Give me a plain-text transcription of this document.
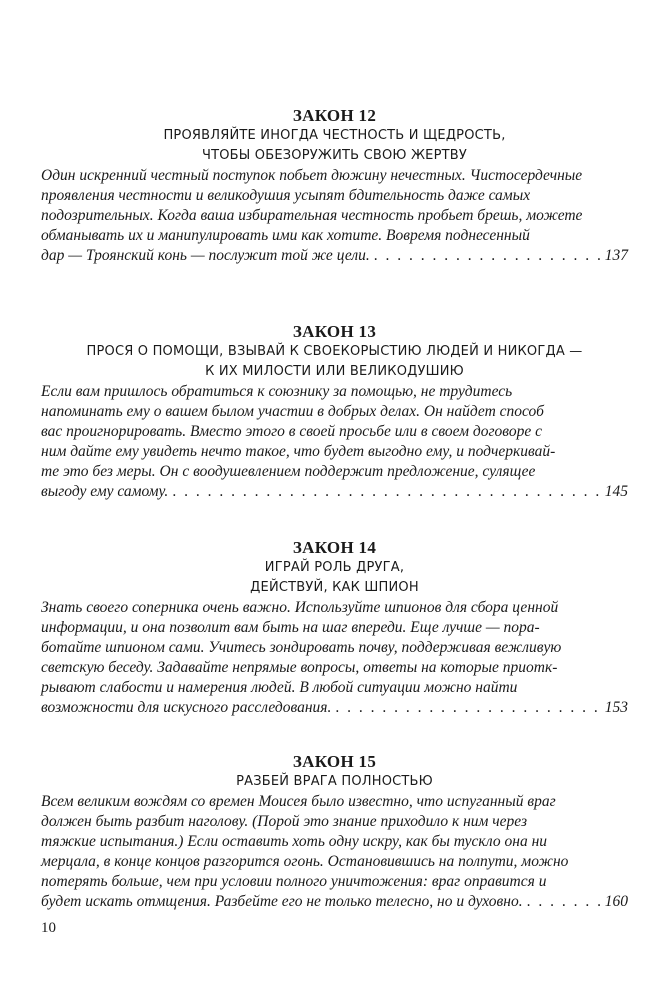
ЗАКОН 12
ПРОЯВЛЯЙТЕ ИНОГДА ЧЕСТНОСТЬ И ЩЕДРОСТЬ,
ЧТОБЫ ОБЕЗОРУЖИТЬ СВОЮ ЖЕРТВУ
Один искренний честный поступок побьет дюжину нечестных. Чистосердечные
проявления честности и великодушия усыпят бдительность даже самых
подозрительных. Когда ваша избирательная честность пробьет брешь, можете
обманывать их и манипулировать ими как хотите. Вовремя поднесенный
дар — Троянский конь — послужит той же цели. . . .	137
ЗАКОН 13
ПРОСЯ О ПОМОЩИ, ВЗЫВАЙ К СВОЕКОРЫСТИЮ ЛЮДЕЙ И НИКОГДА —
К ИХ МИЛОСТИ ИЛИ ВЕЛИКОДУШИЮ
Если вам пришлось обратиться к союзнику за помощью, не трудитесь
напоминать ему о вашем былом участии в добрых делах. Он найдет способ
вас проигнорировать. Вместо этого в своей просьбе или в своем договоре с
ним дайте ему увидеть нечто такое, что будет выгодно ему, и подчеркивай-
те это без меры. Он с воодушевлением поддержит предложение, сулящее
выгоду ему самому. . . .	145
ЗАКОН 14
ИГРАЙ РОЛЬ ДРУГА,
ДЕЙСТВУЙ, КАК ШПИОН
Знать своего соперника очень важно. Используйте шпионов для сбора ценной
информации, и она позволит вам быть на шаг впереди. Еще лучше — пора-
ботайте шпионом сами. Учитесь зондировать почву, поддерживая вежливую
светскую беседу. Задавайте непрямые вопросы, ответы на которые приотк-
рывают слабости и намерения людей. В любой ситуации можно найти
возможности для искусного расследования. . . .	153
ЗАКОН 15
РАЗБЕЙ ВРАГА ПОЛНОСТЬЮ
Всем великим вождям со времен Моисея было известно, что испуганный враг
должен быть разбит наголову. (Порой это знание приходило к ним через
тяжкие испытания.) Если оставить хоть одну искру, как бы тускло она ни
мерцала, в конце концов разгорится огонь. Остановившись на полпути, можно
потерять больше, чем при условии полного уничтожения: враг оправится и
будет искать отмщения. Разбейте его не только телесно, но и духовно. . . .	160
10
